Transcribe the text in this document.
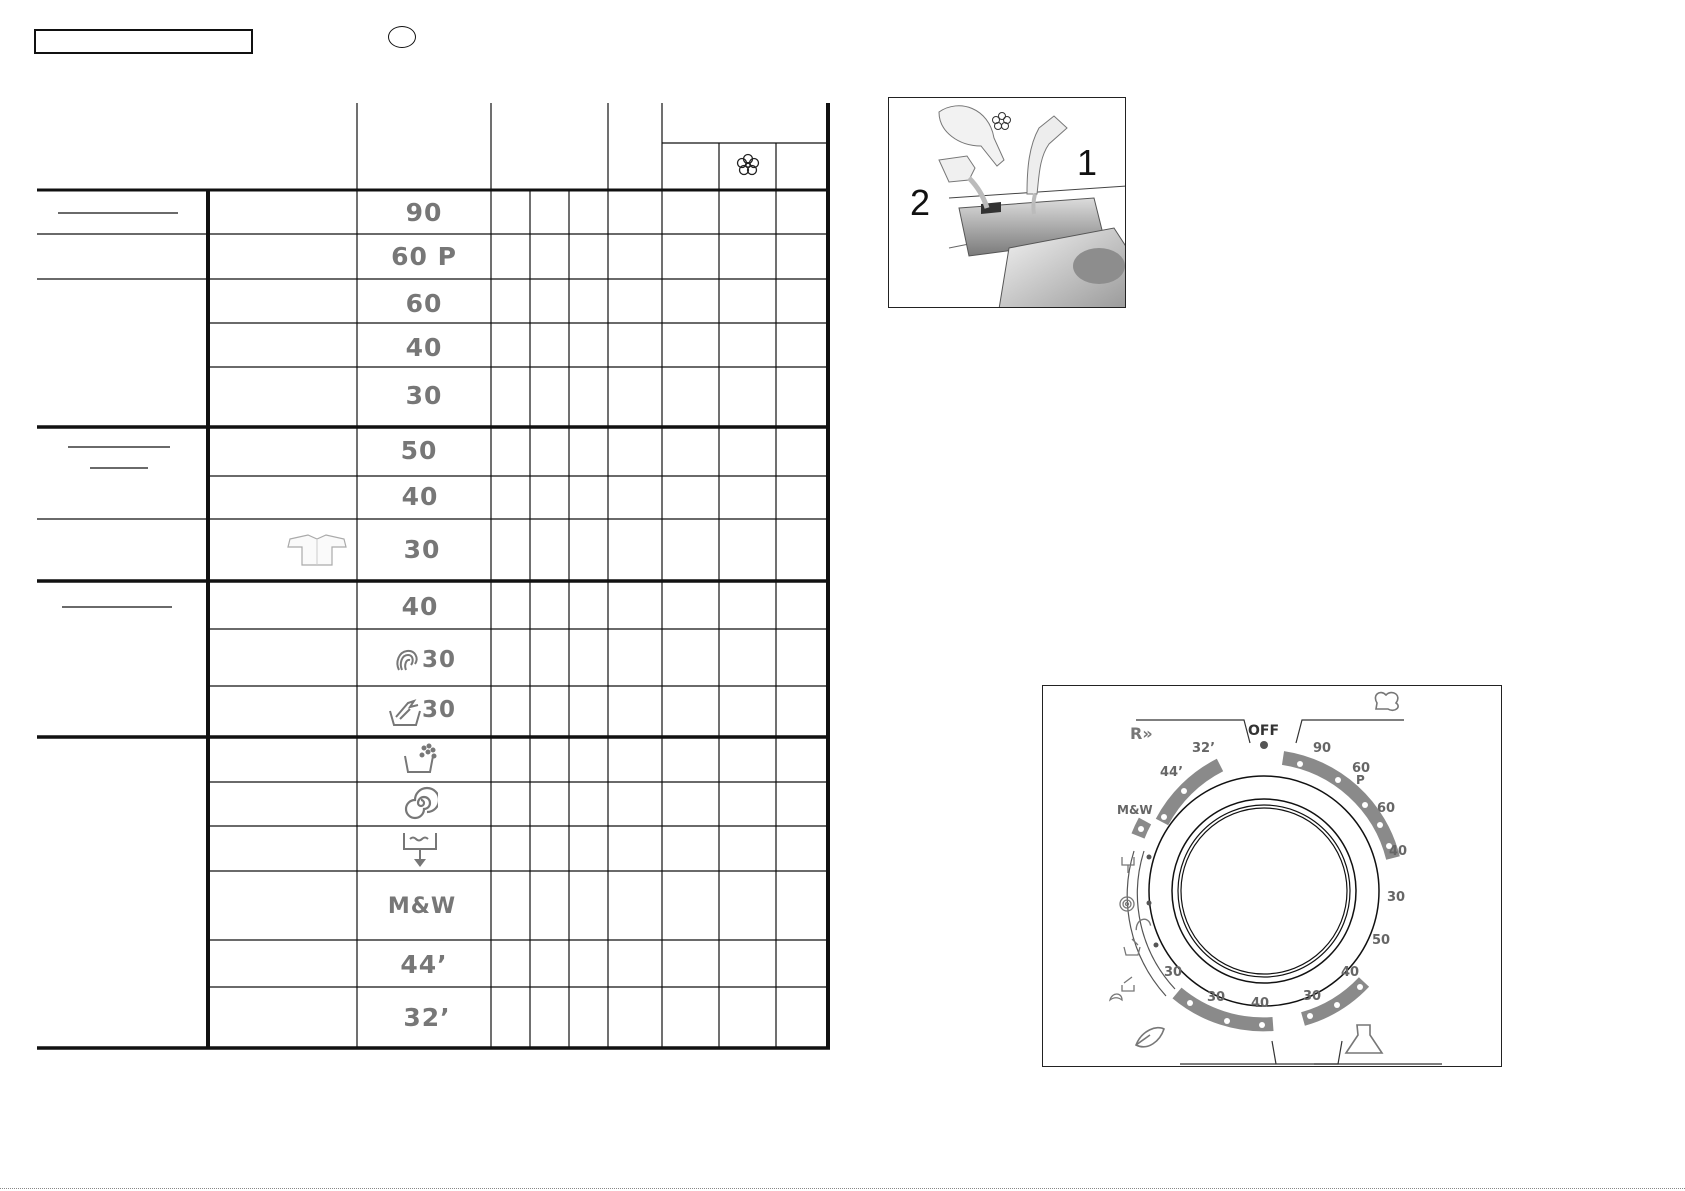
90
60 P
60
40
30
50
40
30
40
30
30
M&W
44’
32’
1
2
OFF
R»
32’
44’
M&W
90
60
P
60
40
30
50
40
30
40
30
30
